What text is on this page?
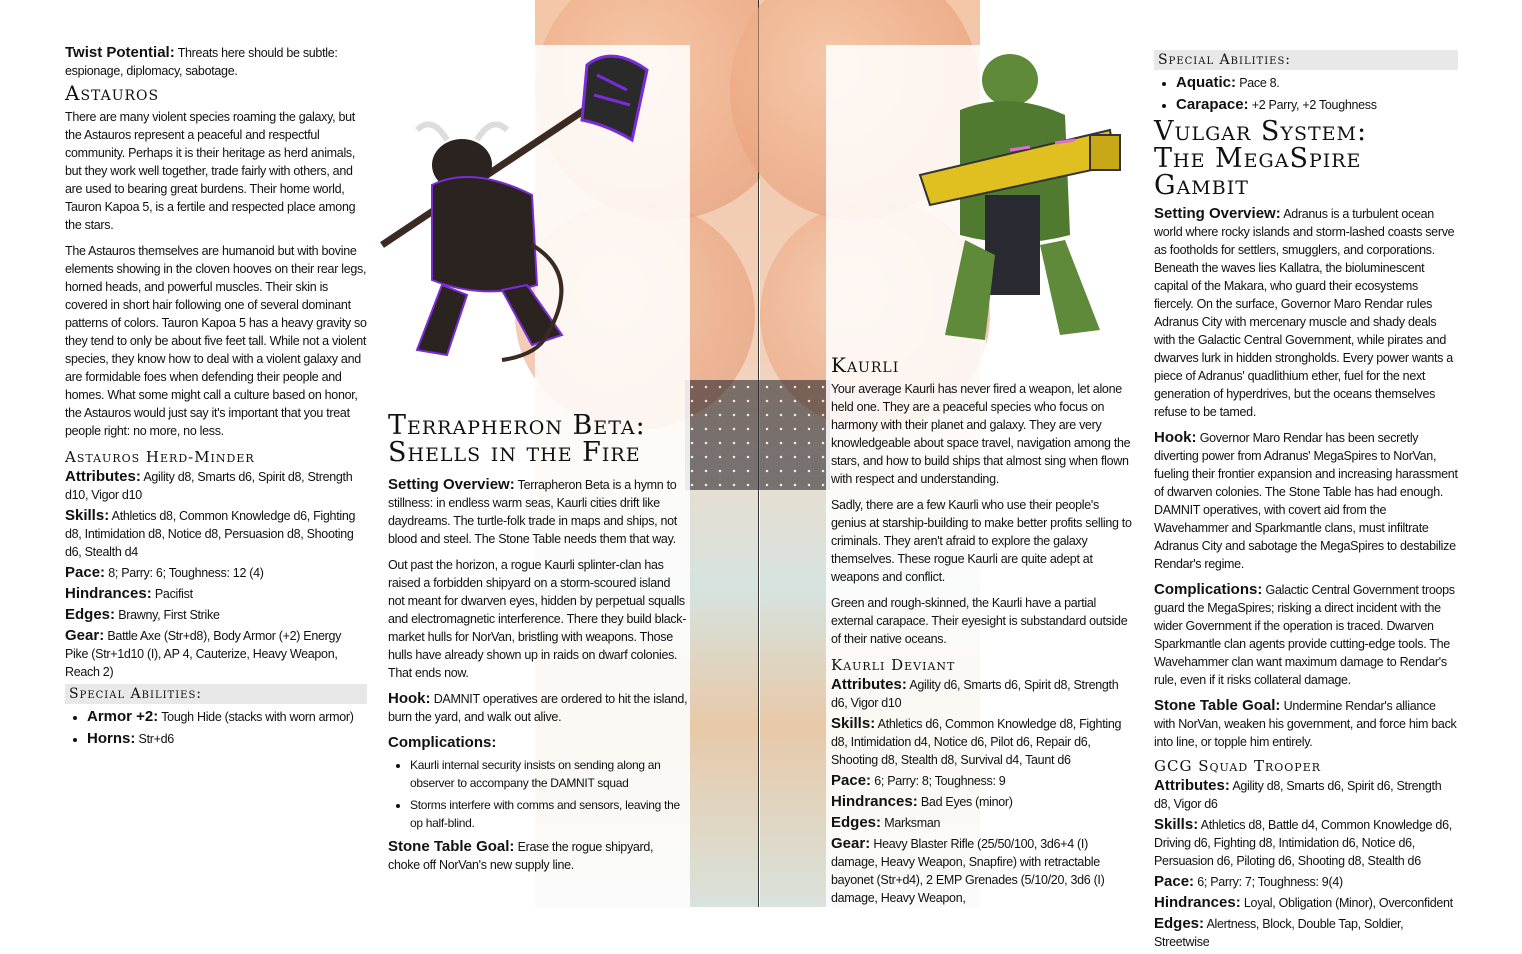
Twist Potential: Threats here should be subtle: espionage, diplomacy, sabotage.
Astauros

There are many violent species roaming the galaxy, but the Astauros represent a peaceful and respectful community. Perhaps it is their heritage as herd animals, but they work well together, trade fairly with others, and are used to bearing great burdens. Their home world, Tauron Kapoa 5, is a fertile and respected place among the stars.

The Astauros themselves are humanoid but with bovine elements showing in the cloven hooves on their rear legs, horned heads, and powerful muscles. Their skin is covered in short hair following one of several dominant patterns of colors. Tauron Kapoa 5 has a heavy gravity so they tend to only be about five feet tall. While not a violent species, they know how to deal with a violent galaxy and are formidable foes when defending their people and homes. What some might call a culture based on honor, the Astauros would just say it's important that you treat people right: no more, no less.

Astauros Herd-Minder
Attributes: Agility d8, Smarts d6, Spirit d8, Strength d10, Vigor d10
Skills: Athletics d8, Common Knowledge d6, Fighting d8, Intimidation d8, Notice d8, Persuasion d8, Shooting d6, Stealth d4
Pace: 8; Parry: 6; Toughness: 12 (4)
Hindrances: Pacifist
Edges: Brawny, First Strike
Gear: Battle Axe (Str+d8), Body Armor (+2) Energy Pike (Str+1d10 (I), AP 4, Cauterize, Heavy Weapon, Reach 2)
Special Abilities:
• Armor +2: Tough Hide (stacks with worn armor)
• Horns: Str+d6
Terrapheron Beta:
Shells in the Fire

Setting Overview: Terrapheron Beta is a hymn to stillness: in endless warm seas, Kaurli cities drift like daydreams. The turtle-folk trade in maps and ships, not blood and steel. The Stone Table needs them that way.

Out past the horizon, a rogue Kaurli splinter-clan has raised a forbidden shipyard on a storm-scoured island not meant for dwarven eyes, hidden by perpetual squalls and electromagnetic interference. There they build black-market hulls for NorVan, bristling with weapons. Those hulls have already shown up in raids on dwarf colonies. That ends now.

Hook: DAMNIT operatives are ordered to hit the island, burn the yard, and walk out alive.

Complications:
• Kaurli internal security insists on sending along an observer to accompany the DAMNIT squad
• Storms interfere with comms and sensors, leaving the op half-blind.

Stone Table Goal: Erase the rogue shipyard, choke off NorVan's new supply line.

Kaurli

Your average Kaurli has never fired a weapon, let alone held one. They are a peaceful species who focus on harmony with their planet and galaxy. They are very knowledgeable about space travel, navigation among the stars, and how to build ships that almost sing when flown with respect and understanding.

Sadly, there are a few Kaurli who use their people's genius at starship-building to make better profits selling to criminals. They aren't afraid to explore the galaxy themselves. These rogue Kaurli are quite adept at weapons and conflict.

Green and rough-skinned, the Kaurli have a partial external carapace. Their eyesight is substandard outside of their native oceans.

Kaurli Deviant
Attributes: Agility d6, Smarts d6, Spirit d8, Strength d6, Vigor d10
Skills: Athletics d6, Common Knowledge d8, Fighting d8, Intimidation d4, Notice d6, Pilot d6, Repair d6, Shooting d8, Stealth d8, Survival d4, Taunt d6
Pace: 6; Parry: 8; Toughness: 9
Hindrances: Bad Eyes (minor)
Edges: Marksman
Gear: Heavy Blaster Rifle (25/50/100, 3d6+4 (I) damage, Heavy Weapon, Snapfire) with retractable bayonet (Str+d4), 2 EMP Grenades (5/10/20, 3d6 (I) damage, Heavy Weapon,
Special Abilities:
• Aquatic: Pace 8.
• Carapace: +2 Parry, +2 Toughness
Vulgar System:
The MegaSpire
Gambit

Setting Overview: Adranus is a turbulent ocean world where rocky islands and storm-lashed coasts serve as footholds for settlers, smugglers, and corporations. Beneath the waves lies Kallatra, the bioluminescent capital of the Makara, who guard their ecosystems fiercely. On the surface, Governor Maro Rendar rules Adranus City with mercenary muscle and shady deals with the Galactic Central Government, while pirates and dwarves lurk in hidden strongholds. Every power wants a piece of Adranus' quadlithium ether, fuel for the next generation of hyperdrives, but the oceans themselves refuse to be tamed.

Hook: Governor Maro Rendar has been secretly diverting power from Adranus' MegaSpires to NorVan, fueling their frontier expansion and increasing harassment of dwarven colonies. The Stone Table has had enough. DAMNIT operatives, with covert aid from the Wavehammer and Sparkmantle clans, must infiltrate Adranus City and sabotage the MegaSpires to destabilize Rendar's regime.

Complications: Galactic Central Government troops guard the MegaSpires; risking a direct incident with the wider Government if the operation is traced. Dwarven Sparkmantle clan agents provide cutting-edge tools. The Wavehammer clan want maximum damage to Rendar's rule, even if it risks collateral damage.

Stone Table Goal: Undermine Rendar's alliance with NorVan, weaken his government, and force him back into line, or topple him entirely.

GCG Squad Trooper
Attributes: Agility d8, Smarts d6, Spirit d6, Strength d8, Vigor d6
Skills: Athletics d8, Battle d4, Common Knowledge d6, Driving d6, Fighting d8, Intimidation d6, Notice d6, Persuasion d6, Piloting d6, Shooting d8, Stealth d6
Pace: 6; Parry: 7; Toughness: 9(4)
Hindrances: Loyal, Obligation (Minor), Overconfident
Edges: Alertness, Block, Double Tap, Soldier, Streetwise
